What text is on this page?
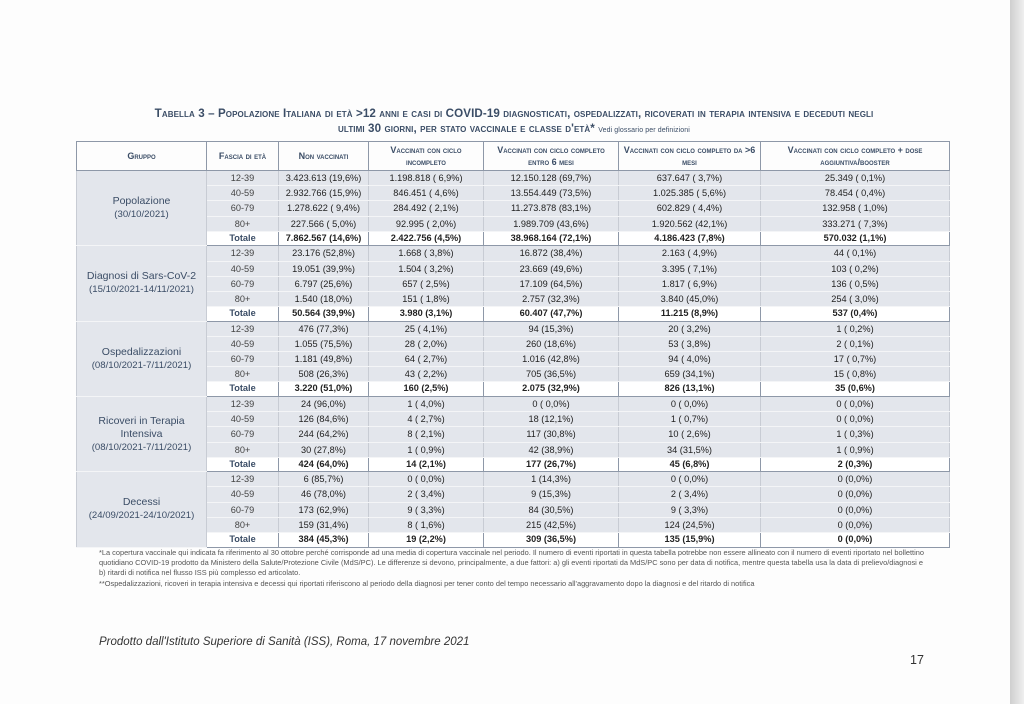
Tabella 3 – Popolazione Italiana di età >12 anni e casi di COVID-19 diagnosticati, ospedalizzati, ricoverati in terapia intensiva e deceduti negli
ultimi 30 giorni, per stato vaccinale e classe d'età* Vedi glossario per definizioni
Gruppo	Fascia di età	Non vaccinati	Vaccinati con ciclo incompleto	Vaccinati con ciclo completo entro 6 mesi	Vaccinati con ciclo completo da >6 mesi	Vaccinati con ciclo completo + dose aggiuntiva/booster
Popolazione
(30/10/2021)	12-39	3.423.613 (19,6%)	1.198.818 ( 6,9%)	12.150.128 (69,7%)	637.647 ( 3,7%)	25.349 ( 0,1%)
	40-59	2.932.766 (15,9%)	846.451 ( 4,6%)	13.554.449 (73,5%)	1.025.385 ( 5,6%)	78.454 ( 0,4%)
	60-79	1.278.622 ( 9,4%)	284.492 ( 2,1%)	11.273.878 (83,1%)	602.829 ( 4,4%)	132.958 ( 1,0%)
	80+	227.566 ( 5,0%)	92.995 ( 2,0%)	1.989.709 (43,6%)	1.920.562 (42,1%)	333.271 ( 7,3%)
	Totale	7.862.567 (14,6%)	2.422.756 (4,5%)	38.968.164 (72,1%)	4.186.423 (7,8%)	570.032 (1,1%)
Diagnosi di Sars-CoV-2
(15/10/2021-14/11/2021)	12-39	23.176 (52,8%)	1.668 ( 3,8%)	16.872 (38,4%)	2.163 ( 4,9%)	44 ( 0,1%)
	40-59	19.051 (39,9%)	1.504 ( 3,2%)	23.669 (49,6%)	3.395 ( 7,1%)	103 ( 0,2%)
	60-79	6.797 (25,6%)	657 ( 2,5%)	17.109 (64,5%)	1.817 ( 6,9%)	136 ( 0,5%)
	80+	1.540 (18,0%)	151 ( 1,8%)	2.757 (32,3%)	3.840 (45,0%)	254 ( 3,0%)
	Totale	50.564 (39,9%)	3.980 (3,1%)	60.407 (47,7%)	11.215 (8,9%)	537 (0,4%)
Ospedalizzazioni
(08/10/2021-7/11/2021)	12-39	476 (77,3%)	25 ( 4,1%)	94 (15,3%)	20 ( 3,2%)	1 ( 0,2%)
	40-59	1.055 (75,5%)	28 ( 2,0%)	260 (18,6%)	53 ( 3,8%)	2 ( 0,1%)
	60-79	1.181 (49,8%)	64 ( 2,7%)	1.016 (42,8%)	94 ( 4,0%)	17 ( 0,7%)
	80+	508 (26,3%)	43 ( 2,2%)	705 (36,5%)	659 (34,1%)	15 ( 0,8%)
	Totale	3.220 (51,0%)	160 (2,5%)	2.075 (32,9%)	826 (13,1%)	35 (0,6%)
Ricoveri in Terapia Intensiva
(08/10/2021-7/11/2021)	12-39	24 (96,0%)	1 ( 4,0%)	0 ( 0,0%)	0 ( 0,0%)	0 ( 0,0%)
	40-59	126 (84,6%)	4 ( 2,7%)	18 (12,1%)	1 ( 0,7%)	0 ( 0,0%)
	60-79	244 (64,2%)	8 ( 2,1%)	117 (30,8%)	10 ( 2,6%)	1 ( 0,3%)
	80+	30 (27,8%)	1 ( 0,9%)	42 (38,9%)	34 (31,5%)	1 ( 0,9%)
	Totale	424 (64,0%)	14 (2,1%)	177 (26,7%)	45 (6,8%)	2 (0,3%)
Decessi
(24/09/2021-24/10/2021)	12-39	6 (85,7%)	0 ( 0,0%)	1 (14,3%)	0 ( 0,0%)	0 (0,0%)
	40-59	46 (78,0%)	2 ( 3,4%)	9 (15,3%)	2 ( 3,4%)	0 (0,0%)
	60-79	173 (62,9%)	9 ( 3,3%)	84 (30,5%)	9 ( 3,3%)	0 (0,0%)
	80+	159 (31,4%)	8 ( 1,6%)	215 (42,5%)	124 (24,5%)	0 (0,0%)
	Totale	384 (45,3%)	19 (2,2%)	309 (36,5%)	135 (15,9%)	0 (0,0%)
*La copertura vaccinale qui indicata fa riferimento al 30 ottobre perché corrisponde ad una media di copertura vaccinale nel periodo. Il numero di eventi riportati in questa tabella potrebbe non essere allineato con il numero di eventi riportato nel bollettino quotidiano COVID-19 prodotto da Ministero della Salute/Protezione Civile (MdS/PC). Le differenze si devono, principalmente, a due fattori: a) gli eventi riportati da MdS/PC sono per data di notifica, mentre questa tabella usa la data di prelievo/diagnosi e b) ritardi di notifica nel flusso ISS più complesso ed articolato.
**Ospedalizzazioni, ricoveri in terapia intensiva e decessi qui riportati riferiscono al periodo della diagnosi per tener conto del tempo necessario all'aggravamento dopo la diagnosi e del ritardo di notifica
Prodotto dall'Istituto Superiore di Sanità (ISS), Roma, 17 novembre 2021
17
